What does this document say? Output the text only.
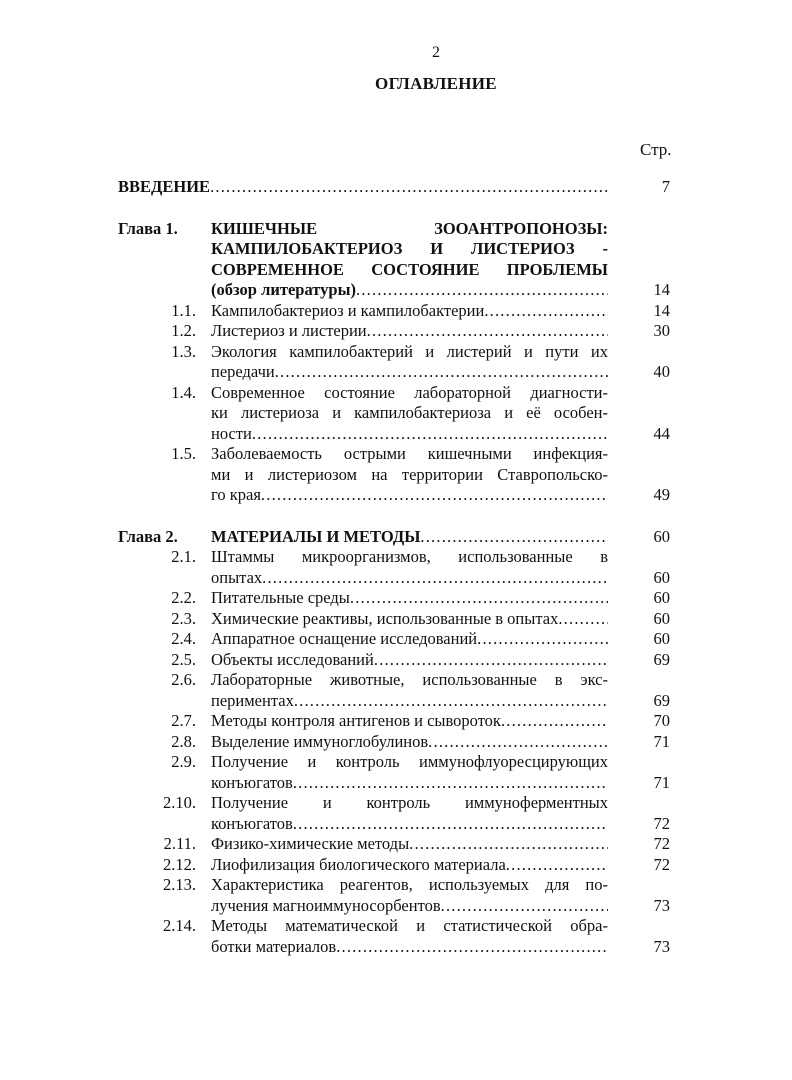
2
ОГЛАВЛЕНИЕ
Стр.
ВВЕДЕНИЕ .....	7
Глава 1.	КИШЕЧНЫЕ ЗООАНТРОПОНОЗЫ:
КАМПИЛОБАКТЕРИОЗ И ЛИСТЕРИОЗ -
СОВРЕМЕННОЕ СОСТОЯНИЕ ПРОБЛЕМЫ
(обзор литературы) .....	14
1.1. Кампилобактериоз и кампилобактерии .....	14
1.2. Листериоз и листерии .....	30
1.3. Экология кампилобактерий и листерий и пути их
передачи .....	40
1.4. Современное состояние лабораторной диагности-
ки листериоза и кампилобактериоза и её особен-
ности .....	44
1.5. Заболеваемость острыми кишечными инфекция-
ми и листериозом на территории Ставропольско-
го края .....	49
Глава 2.	МАТЕРИАЛЫ И МЕТОДЫ .....	60
2.1. Штаммы микроорганизмов, использованные в
опытах .....	60
2.2. Питательные среды .....	60
2.3. Химические реактивы, использованные в опытах .....	60
2.4. Аппаратное оснащение исследований .....	60
2.5. Объекты исследований .....	69
2.6. Лабораторные животные, использованные в экс-
периментах .....	69
2.7. Методы контроля антигенов и сывороток .....	70
2.8. Выделение иммуноглобулинов .....	71
2.9. Получение и контроль иммунофлуоресцирующих
конъюгатов .....	71
2.10. Получение и контроль иммуноферментных
конъюгатов .....	72
2.11. Физико-химические методы .....	72
2.12. Лиофилизация биологического материала .....	72
2.13. Характеристика реагентов, используемых для по-
лучения магноиммуносорбентов .....	73
2.14. Методы математической и статистической обра-
ботки материалов .....	73
